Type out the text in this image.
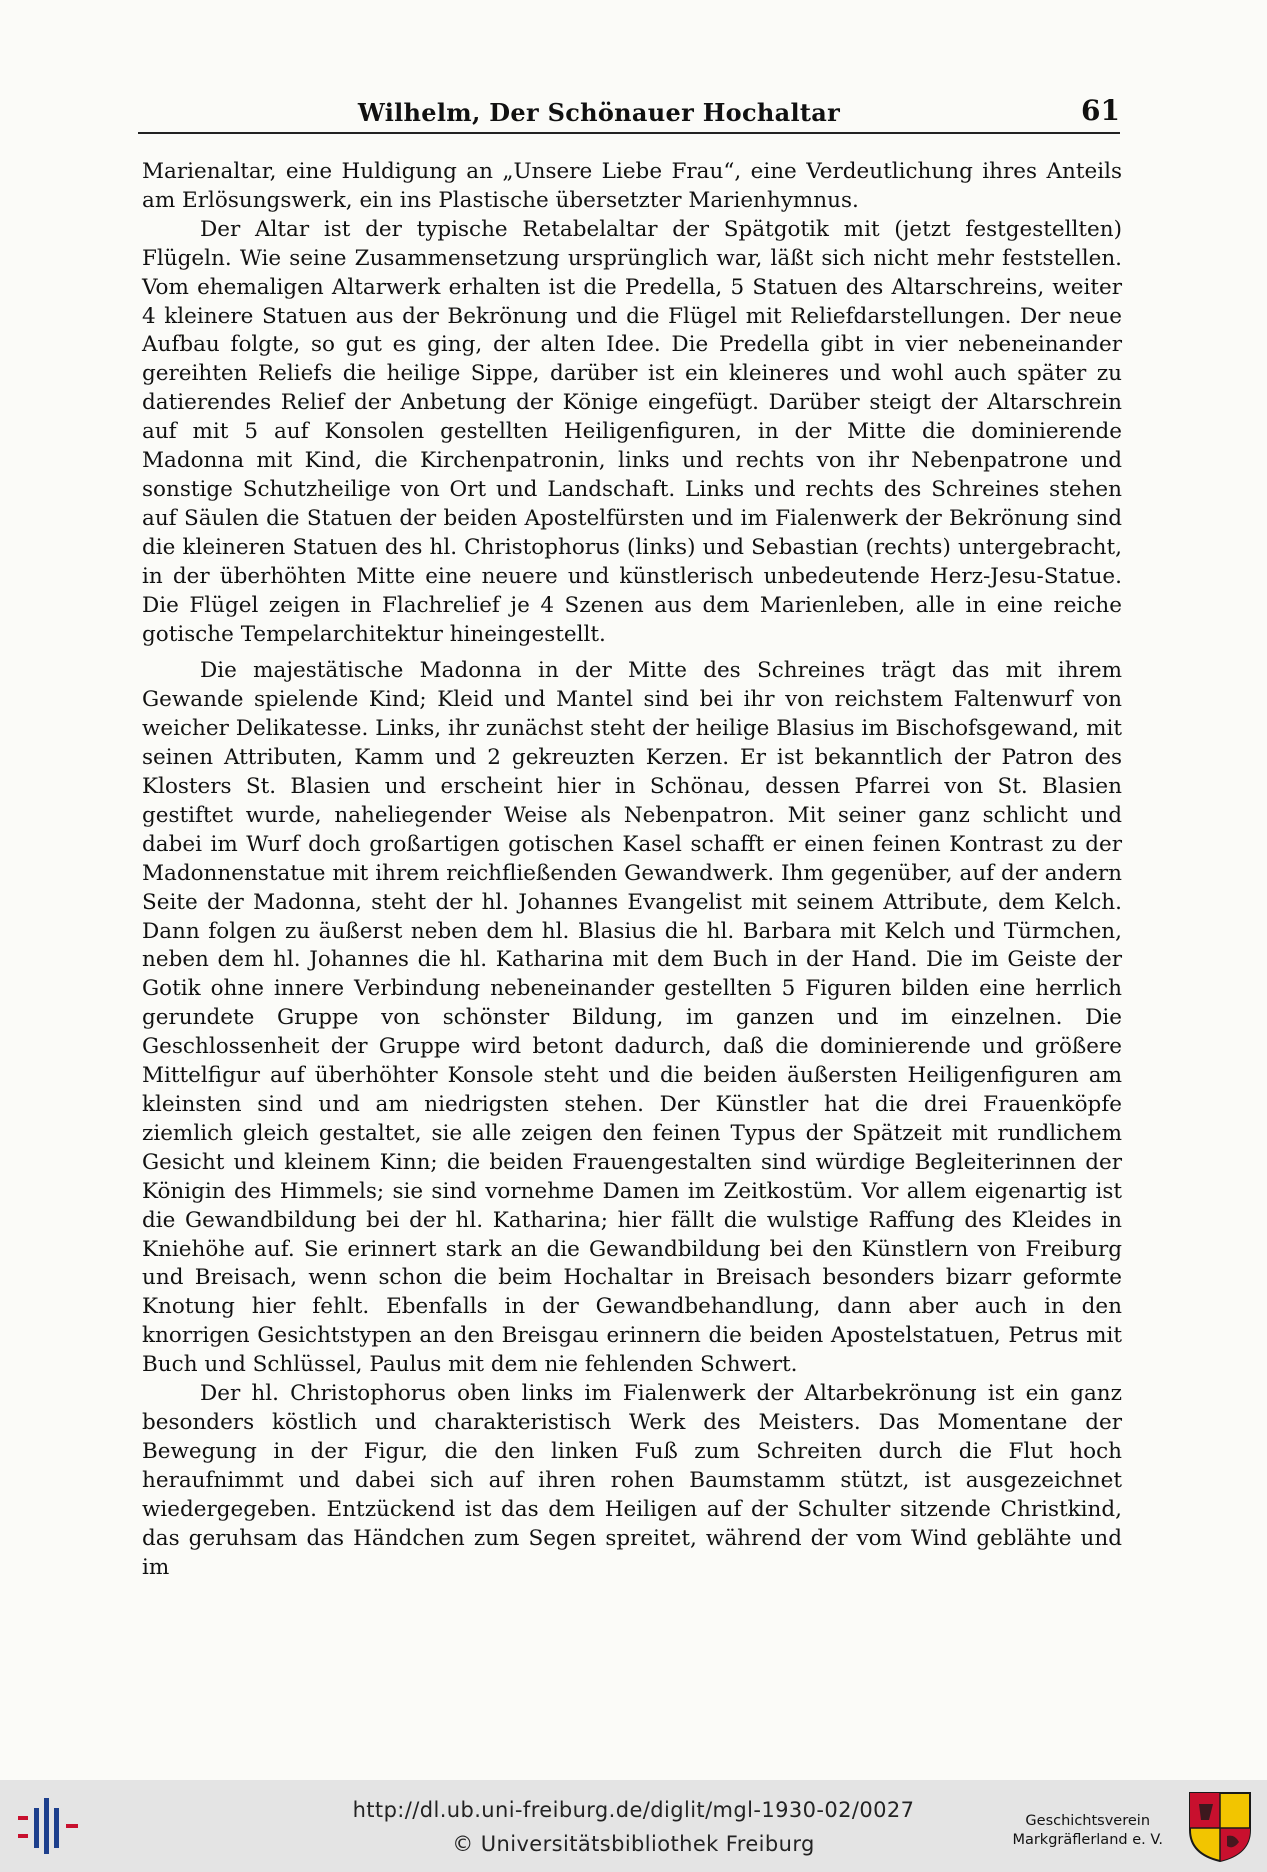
Wilhelm, Der Schönauer Hochaltar	61

Marienaltar, eine Huldigung an „Unsere Liebe Frau“, eine Verdeutlichung ihres Anteils am Erlösungswerk, ein ins Plastische übersetzter Marienhymnus.

Der Altar ist der typische Retabelaltar der Spätgotik mit (jetzt festgestellten) Flügeln. Wie seine Zusammensetzung ursprünglich war, läßt sich nicht mehr feststellen. Vom ehemaligen Altarwerk erhalten ist die Predella, 5 Statuen des Altarschreins, weiter 4 kleinere Statuen aus der Bekrönung und die Flügel mit Reliefdarstellungen. Der neue Aufbau folgte, so gut es ging, der alten Idee. Die Predella gibt in vier nebeneinander gereihten Reliefs die heilige Sippe, darüber ist ein kleineres und wohl auch später zu datierendes Relief der Anbetung der Könige eingefügt. Darüber steigt der Altarschrein auf mit 5 auf Konsolen gestellten Heiligenfiguren, in der Mitte die dominierende Madonna mit Kind, die Kirchenpatronin, links und rechts von ihr Nebenpatrone und sonstige Schutzheilige von Ort und Landschaft. Links und rechts des Schreines stehen auf Säulen die Statuen der beiden Apostelfürsten und im Fialenwerk der Bekrönung sind die kleineren Statuen des hl. Christophorus (links) und Sebastian (rechts) untergebracht, in der überhöhten Mitte eine neuere und künstlerisch unbedeutende Herz-Jesu-Statue. Die Flügel zeigen in Flachrelief je 4 Szenen aus dem Marienleben, alle in eine reiche gotische Tempelarchitektur hineingestellt.

Die majestätische Madonna in der Mitte des Schreines trägt das mit ihrem Gewande spielende Kind; Kleid und Mantel sind bei ihr von reichstem Faltenwurf von weicher Delikatesse. Links, ihr zunächst steht der heilige Blasius im Bischofsgewand, mit seinen Attributen, Kamm und 2 gekreuzten Kerzen. Er ist bekanntlich der Patron des Klosters St. Blasien und erscheint hier in Schönau, dessen Pfarrei von St. Blasien gestiftet wurde, naheliegender Weise als Nebenpatron. Mit seiner ganz schlicht und dabei im Wurf doch großartigen gotischen Kasel schafft er einen feinen Kontrast zu der Madonnenstatue mit ihrem reichfließenden Gewandwerk. Ihm gegenüber, auf der andern Seite der Madonna, steht der hl. Johannes Evangelist mit seinem Attribute, dem Kelch. Dann folgen zu äußerst neben dem hl. Blasius die hl. Barbara mit Kelch und Türmchen, neben dem hl. Johannes die hl. Katharina mit dem Buch in der Hand. Die im Geiste der Gotik ohne innere Verbindung nebeneinander gestellten 5 Figuren bilden eine herrlich gerundete Gruppe von schönster Bildung, im ganzen und im einzelnen. Die Geschlossenheit der Gruppe wird betont dadurch, daß die dominierende und größere Mittelfigur auf überhöhter Konsole steht und die beiden äußersten Heiligenfiguren am kleinsten sind und am niedrigsten stehen. Der Künstler hat die drei Frauenköpfe ziemlich gleich gestaltet, sie alle zeigen den feinen Typus der Spätzeit mit rundlichem Gesicht und kleinem Kinn; die beiden Frauengestalten sind würdige Begleiterinnen der Königin des Himmels; sie sind vornehme Damen im Zeitkostüm. Vor allem eigenartig ist die Gewandbildung bei der hl. Katharina; hier fällt die wulstige Raffung des Kleides in Kniehöhe auf. Sie erinnert stark an die Gewandbildung bei den Künstlern von Freiburg und Breisach, wenn schon die beim Hochaltar in Breisach besonders bizarr geformte Knotung hier fehlt. Ebenfalls in der Gewandbehandlung, dann aber auch in den knorrigen Gesichtstypen an den Breisgau erinnern die beiden Apostelstatuen, Petrus mit Buch und Schlüssel, Paulus mit dem nie fehlenden Schwert.

Der hl. Christophorus oben links im Fialenwerk der Altarbekrönung ist ein ganz besonders köstlich und charakteristisch Werk des Meisters. Das Momentane der Bewegung in der Figur, die den linken Fuß zum Schreiten durch die Flut hoch heraufnimmt und dabei sich auf ihren rohen Baumstamm stützt, ist ausgezeichnet wiedergegeben. Entzückend ist das dem Heiligen auf der Schulter sitzende Christkind, das geruhsam das Händchen zum Segen spreitet, während der vom Wind geblähte und im

http://dl.ub.uni-freiburg.de/diglit/mgl-1930-02/0027
© Universitätsbibliothek Freiburg
Geschichtsverein
Markgräflerland e. V.
